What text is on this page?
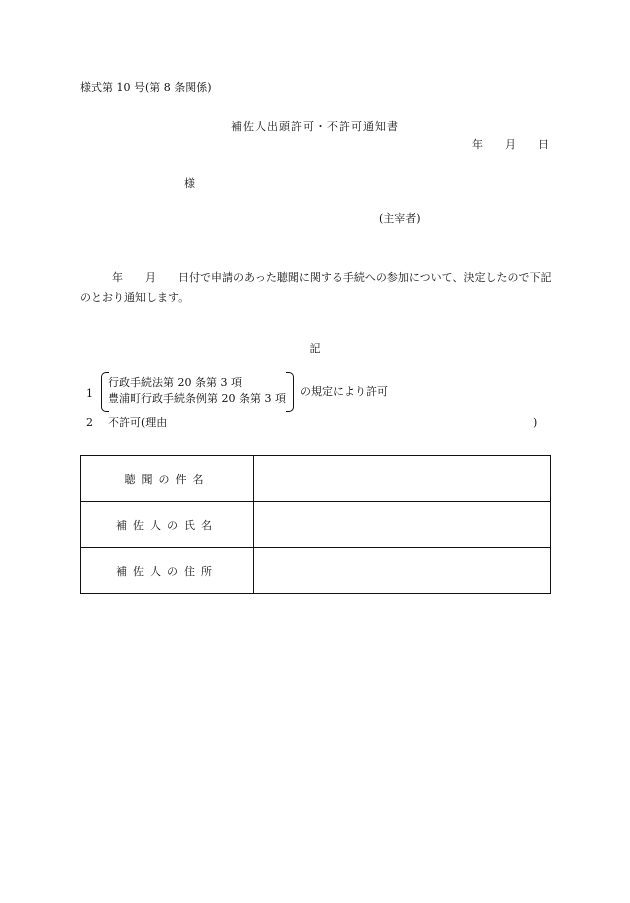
様式第 10 号(第 8 条関係)
補佐人出頭許可・不許可通知書
年 月 日
様
(主宰者)
年 月 日付で申請のあった聴聞に関する手続への参加について、決定したので下記のとおり通知します。
記
1
行政手続法第 20 条第 3 項
豊浦町行政手続条例第 20 条第 3 項
の規定により許可
2 不許可(理由	)
聴聞の件名	
補佐人の氏名	
補佐人の住所	
